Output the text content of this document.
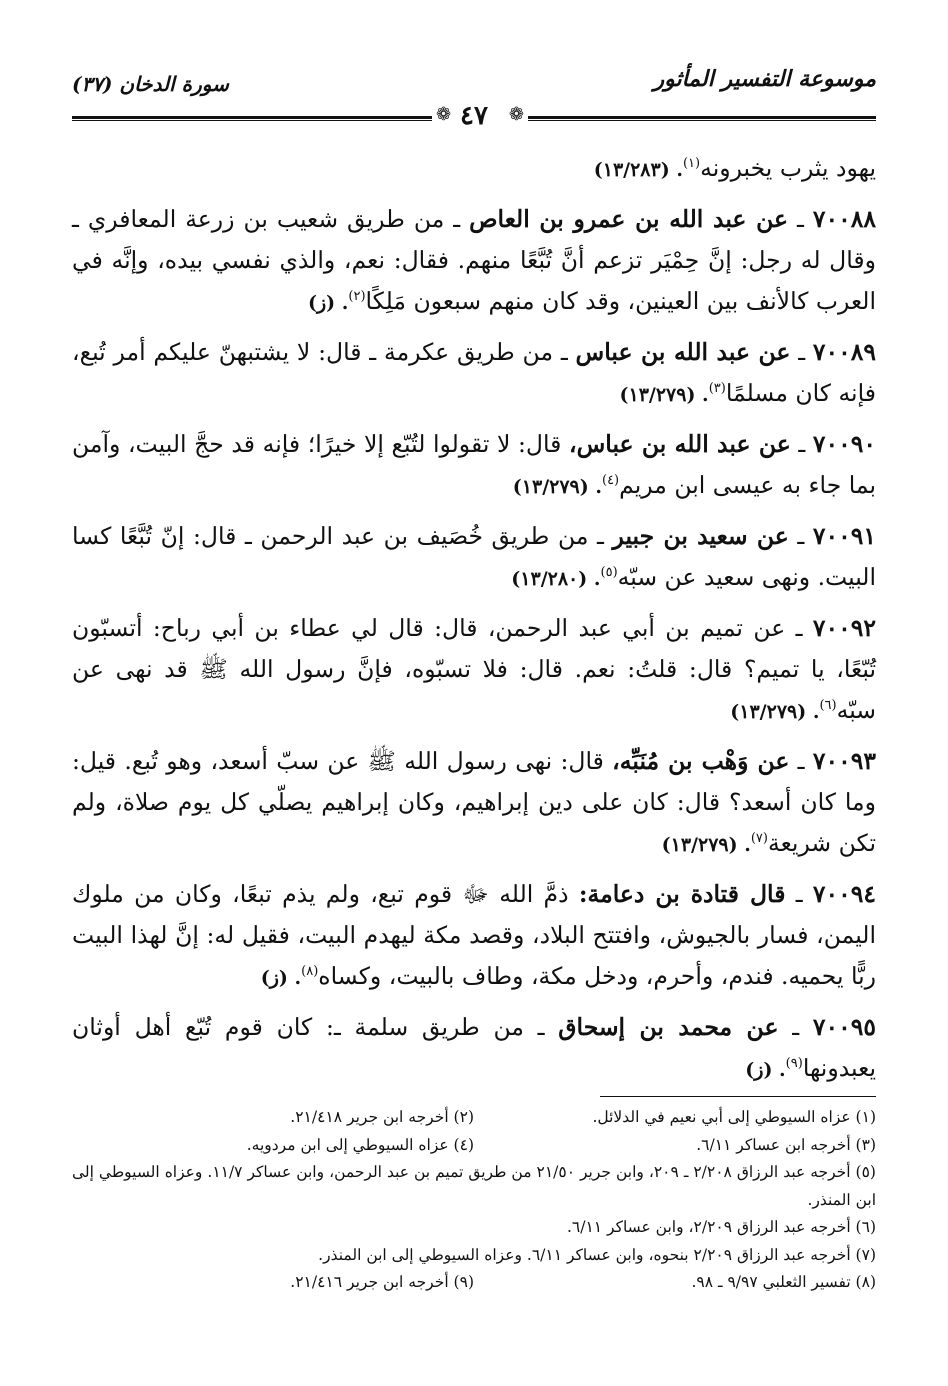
موسوعة التفسير المأثور
سورة الدخان (٣٧)
❁
٤٧
❁

يهود يثرب يخبرونه$^{(١)}$. (١٣/٢٨٣)

٧٠٠٨٨ ـ عن عبد الله بن عمرو بن العاص ـ من طريق شعيب بن زرعة المعافري ـ وقال له رجل: إنَّ حِمْيَر تزعم أنَّ تُبَّعًا منهم. فقال: نعم، والذي نفسي بيده، وإنَّه في العرب كالأنف بين العينين، وقد كان منهم سبعون مَلِكًا$^{(٢)}$. (ز)

٧٠٠٨٩ ـ عن عبد الله بن عباس ـ من طريق عكرمة ـ قال: لا يشتبهنّ عليكم أمر تُبع، فإنه كان مسلمًا$^{(٣)}$. (١٣/٢٧٩)

٧٠٠٩٠ ـ عن عبد الله بن عباس، قال: لا تقولوا لتُبّع إلا خيرًا؛ فإنه قد حجَّ البيت، وآمن بما جاء به عيسى ابن مريم$^{(٤)}$. (١٣/٢٧٩)

٧٠٠٩١ ـ عن سعيد بن جبير ـ من طريق خُصَيف بن عبد الرحمن ـ قال: إنّ تُبَّعًا كسا البيت. ونهى سعيد عن سبّه$^{(٥)}$. (١٣/٢٨٠)

٧٠٠٩٢ ـ عن تميم بن أبي عبد الرحمن، قال: قال لي عطاء بن أبي رباح: أتسبّون تُبّعًا، يا تميم؟ قال: قلتُ: نعم. قال: فلا تسبّوه، فإنَّ رسول الله ﷺ قد نهى عن سبّه$^{(٦)}$. (١٣/٢٧٩)

٧٠٠٩٣ ـ عن وَهْب بن مُنَبِّه، قال: نهى رسول الله ﷺ عن سبّ أسعد، وهو تُبع. قيل: وما كان أسعد؟ قال: كان على دين إبراهيم، وكان إبراهيم يصلّي كل يوم صلاة، ولم تكن شريعة$^{(٧)}$. (١٣/٢٧٩)

٧٠٠٩٤ ـ قال قتادة بن دعامة: ذمَّ الله ﷻ قوم تبع، ولم يذم تبعًا، وكان من ملوك اليمن، فسار بالجيوش، وافتتح البلاد، وقصد مكة ليهدم البيت، فقيل له: إنَّ لهذا البيت ربًّا يحميه. فندم، وأحرم، ودخل مكة، وطاف بالبيت، وكساه$^{(٨)}$. (ز)

٧٠٠٩٥ ـ عن محمد بن إسحاق ـ من طريق سلمة ـ: كان قوم تُبّع أهل أوثان يعبدونها$^{(٩)}$. (ز)

(١) عزاه السيوطي إلى أبي نعيم في الدلائل.
(٢) أخرجه ابن جرير ٢١/٤١٨.
(٣) أخرجه ابن عساكر ٦/١١.
(٤) عزاه السيوطي إلى ابن مردويه.
(٥) أخرجه عبد الرزاق ٢/٢٠٨ ـ ٢٠٩، وابن جرير ٢١/٥٠ من طريق تميم بن عبد الرحمن، وابن عساكر ١١/٧. وعزاه السيوطي إلى ابن المنذر.
(٦) أخرجه عبد الرزاق ٢/٢٠٩، وابن عساكر ٦/١١.
(٧) أخرجه عبد الرزاق ٢/٢٠٩ بنحوه، وابن عساكر ٦/١١. وعزاه السيوطي إلى ابن المنذر.
(٨) تفسير الثعلبي ٩/٩٧ ـ ٩٨.
(٩) أخرجه ابن جرير ٢١/٤١٦.
